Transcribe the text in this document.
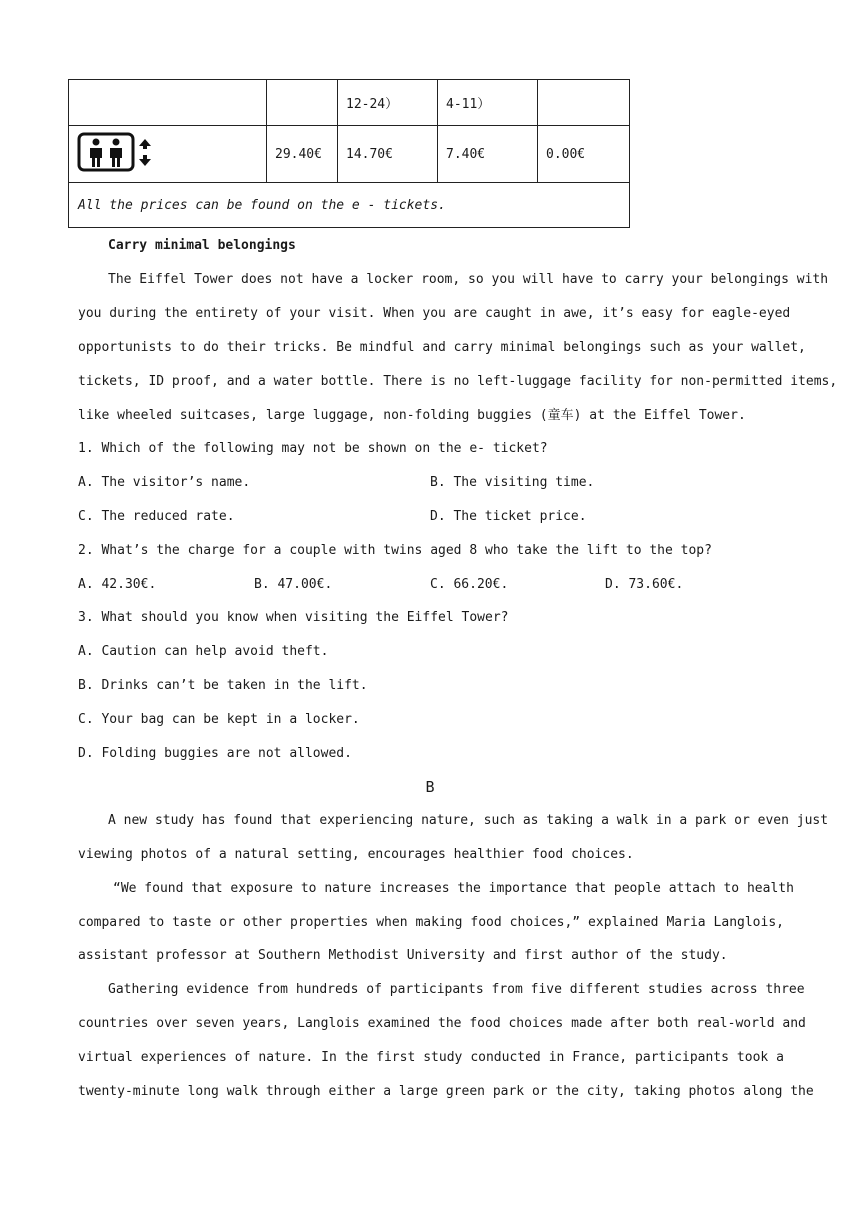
		12-24）	4-11）	
	29.40€	14.70€	7.40€	0.00€
All the prices can be found on the e - tickets.				
Carry minimal belongings
The Eiffel Tower does not have a locker room, so you will have to carry your belongings with
you during the entirety of your visit. When you are caught in awe, it’s easy for eagle-eyed
opportunists to do their tricks. Be mindful and carry minimal belongings such as your wallet,
tickets, ID proof, and a water bottle. There is no left-luggage facility for non-permitted items,
like wheeled suitcases, large luggage, non-folding buggies (童车) at the Eiffel Tower.
1. Which of the following may not be shown on the e- ticket?
A. The visitor’s name.	B. The visiting time.
C. The reduced rate.	D. The ticket price.
2. What’s the charge for a couple with twins aged 8 who take the lift to the top?
A. 42.30€.	B. 47.00€.	C. 66.20€.	D. 73.60€.
3. What should you know when visiting the Eiffel Tower?
A. Caution can help avoid theft.
B. Drinks can’t be taken in the lift.
C. Your bag can be kept in a locker.
D. Folding buggies are not allowed.
B
A new study has found that experiencing nature, such as taking a walk in a park or even just
viewing photos of a natural setting, encourages healthier food choices.
“We found that exposure to nature increases the importance that people attach to health
compared to taste or other properties when making food choices,” explained Maria Langlois,
assistant professor at Southern Methodist University and first author of the study.
Gathering evidence from hundreds of participants from five different studies across three
countries over seven years, Langlois examined the food choices made after both real-world and
virtual experiences of nature. In the first study conducted in France, participants took a
twenty-minute long walk through either a large green park or the city, taking photos along the
